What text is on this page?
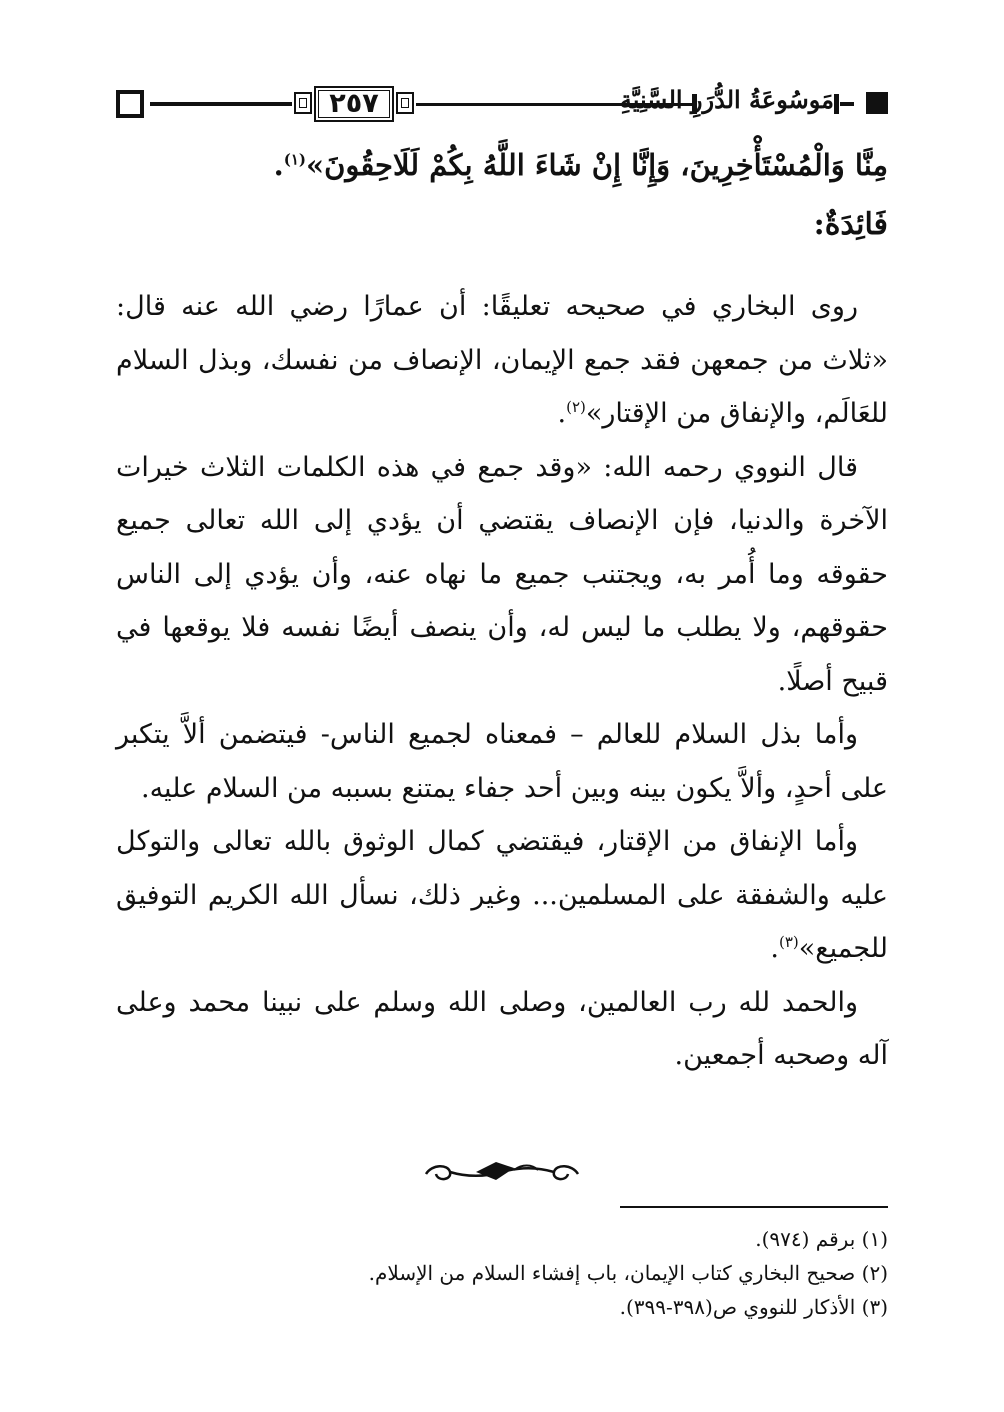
٢٥٧	مَوسُوعَةُ الدُّرَرِ السَّنِيَّةِ

مِنَّا وَالْمُسْتَأْخِرِينَ، وَإِنَّا إِنْ شَاءَ اللَّهُ بِكُمْ لَلَاحِقُونَ»$^{(١)}$.

فَائِدَةٌ:

روى البخاري في صحيحه تعليقًا: أن عمارًا رضي الله عنه قال: «ثلاث من جمعهن فقد جمع الإيمان، الإنصاف من نفسك، وبذل السلام للعَالَم، والإنفاق من الإقتار»$^{(٢)}$.

قال النووي رحمه الله: «وقد جمع في هذه الكلمات الثلاث خيرات الآخرة والدنيا، فإن الإنصاف يقتضي أن يؤدي إلى الله تعالى جميع حقوقه وما أُمر به، ويجتنب جميع ما نهاه عنه، وأن يؤدي إلى الناس حقوقهم، ولا يطلب ما ليس له، وأن ينصف أيضًا نفسه فلا يوقعها في قبيح أصلًا.

وأما بذل السلام للعالم – فمعناه لجميع الناس- فيتضمن ألاَّ يتكبر على أحدٍ، وألاَّ يكون بينه وبين أحد جفاء يمتنع بسببه من السلام عليه.

وأما الإنفاق من الإقتار، فيقتضي كمال الوثوق بالله تعالى والتوكل عليه والشفقة على المسلمين... وغير ذلك، نسأل الله الكريم التوفيق للجميع»$^{(٣)}$.

والحمد لله رب العالمين، وصلى الله وسلم على نبينا محمد وعلى آله وصحبه أجمعين.

(١) برقم (٩٧٤).

(٢) صحيح البخاري كتاب الإيمان، باب إفشاء السلام من الإسلام.

(٣) الأذكار للنووي ص(٣٩٨-٣٩٩).
